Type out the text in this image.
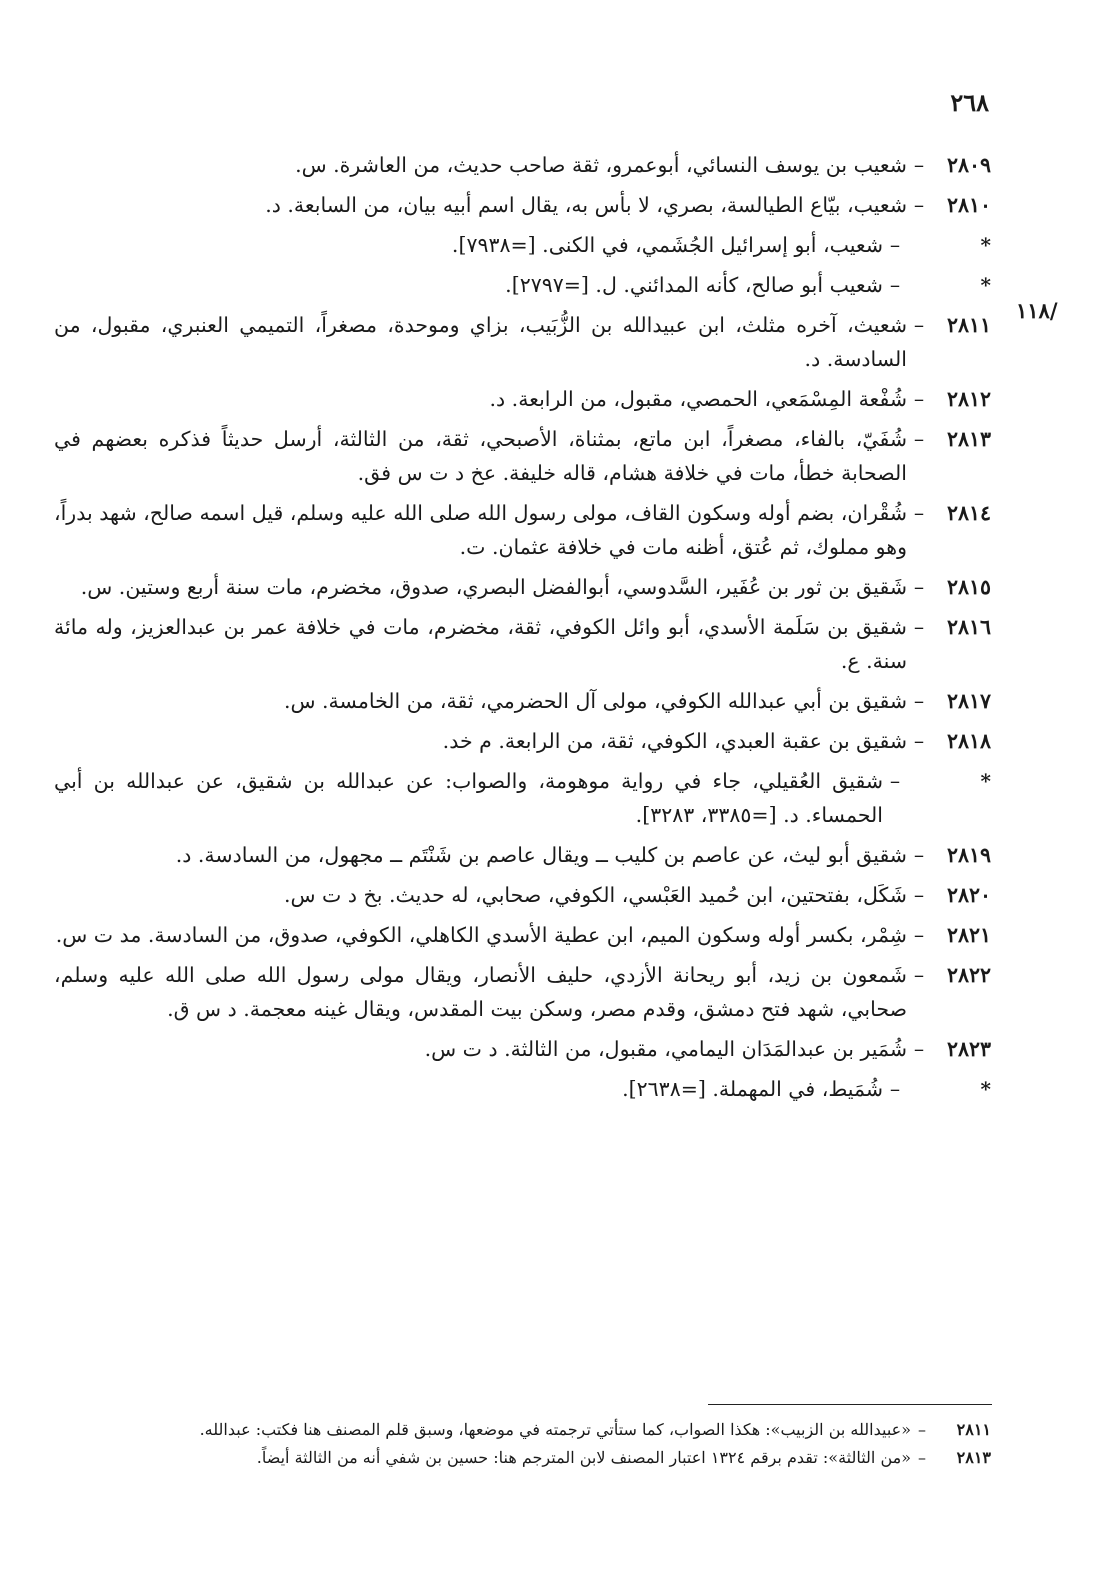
٢٦٨
/١١٨
٢٨٠٩
–
شعيب بن يوسف النسائي، أبوعمرو، ثقة صاحب حديث، من العاشرة. س.
٢٨١٠
–
شعيب، بيّاع الطيالسة، بصري، لا بأس به، يقال اسم أبيه بيان، من السابعة. د.
*
–
شعيب، أبو إسرائيل الجُشَمي، في الكنى. [=٧٩٣٨].
*
–
شعيب أبو صالح، كأنه المدائني. ل. [=٢٧٩٧].
٢٨١١
–
شعيث، آخره مثلث، ابن عبيدالله بن الزُّبَيب، بزاي وموحدة، مصغراً، التميمي العنبري، مقبول، من السادسة. د.
٢٨١٢
–
شُفْعة المِسْمَعي، الحمصي، مقبول، من الرابعة. د.
٢٨١٣
–
شُفَيّ، بالفاء، مصغراً، ابن ماتع، بمثناة، الأصبحي، ثقة، من الثالثة، أرسل حديثاً فذكره بعضهم في الصحابة خطأ، مات في خلافة هشام، قاله خليفة. عخ د ت س فق.
٢٨١٤
–
شُقْران، بضم أوله وسكون القاف، مولى رسول الله صلى الله عليه وسلم، قيل اسمه صالح، شهد بدراً، وهو مملوك، ثم عُتق، أظنه مات في خلافة عثمان. ت.
٢٨١٥
–
شَقيق بن ثور بن عُفَير، السَّدوسي، أبوالفضل البصري، صدوق، مخضرم، مات سنة أربع وستين. س.
٢٨١٦
–
شقيق بن سَلَمة الأسدي، أبو وائل الكوفي، ثقة، مخضرم، مات في خلافة عمر بن عبدالعزيز، وله مائة سنة. ع.
٢٨١٧
–
شقيق بن أبي عبدالله الكوفي، مولى آل الحضرمي، ثقة، من الخامسة. س.
٢٨١٨
–
شقيق بن عقبة العبدي، الكوفي، ثقة، من الرابعة. م خد.
*
–
شقيق العُقيلي، جاء في رواية موهومة، والصواب: عن عبدالله بن شقيق، عن عبدالله بن أبي الحمساء. د. [=٣٣٨٥، ٣٢٨٣].
٢٨١٩
–
شقيق أبو ليث، عن عاصم بن كليب ــ ويقال عاصم بن شَنْتَم ــ مجهول، من السادسة. د.
٢٨٢٠
–
شَكَل، بفتحتين، ابن حُميد العَبْسي، الكوفي، صحابي، له حديث. بخ د ت س.
٢٨٢١
–
شِمْر، بكسر أوله وسكون الميم، ابن عطية الأسدي الكاهلي، الكوفي، صدوق، من السادسة. مد ت س.
٢٨٢٢
–
شَمعون بن زيد، أبو ريحانة الأزدي، حليف الأنصار، ويقال مولى رسول الله صلى الله عليه وسلم، صحابي، شهد فتح دمشق، وقدم مصر، وسكن بيت المقدس، ويقال غينه معجمة. د س ق.
٢٨٢٣
–
شُمَير بن عبدالمَدَان اليمامي، مقبول، من الثالثة. د ت س.
*
–
شُمَيط، في المهملة. [=٢٦٣٨].
٢٨١١
–
«عبيدالله بن الزبيب»: هكذا الصواب، كما ستأتي ترجمته في موضعها، وسبق قلم المصنف هنا فكتب: عبدالله.
٢٨١٣
–
«من الثالثة»: تقدم برقم ١٣٢٤ اعتبار المصنف لابن المترجم هنا: حسين بن شفي أنه من الثالثة أيضاً.
